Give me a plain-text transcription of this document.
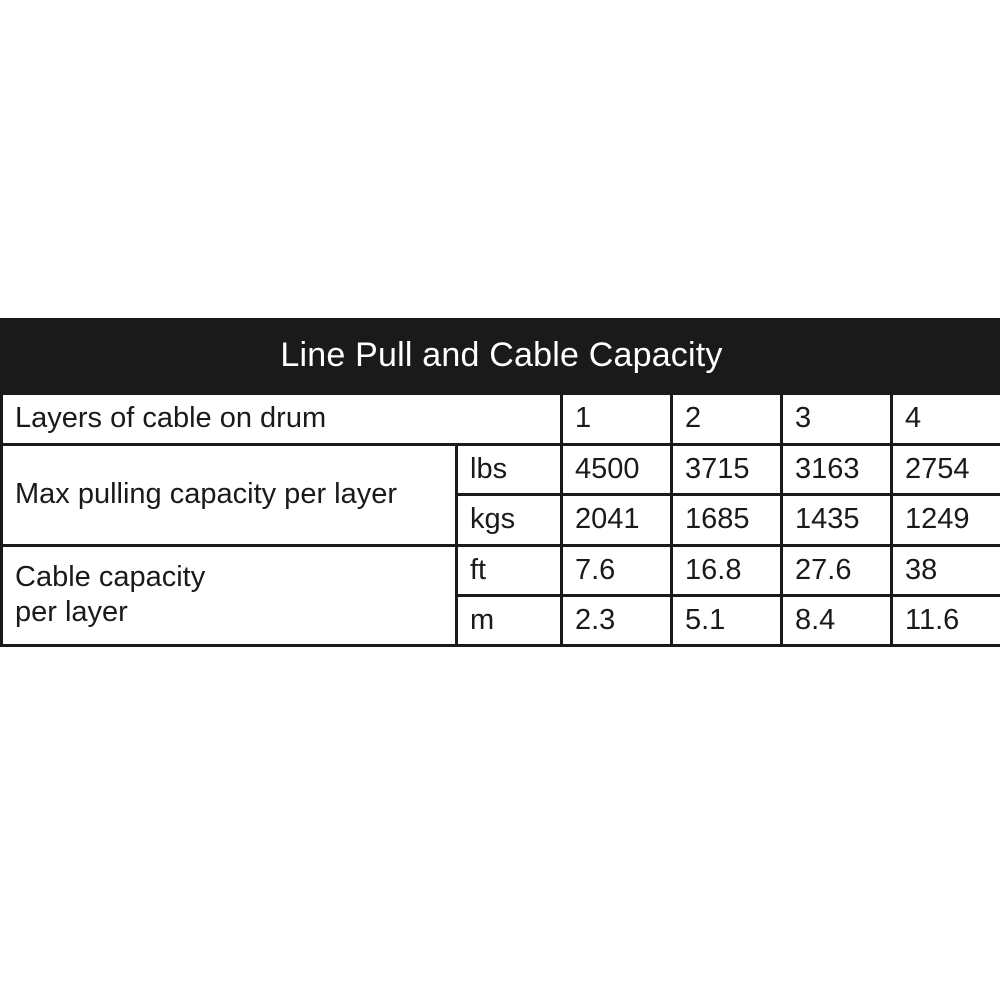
Line Pull and Cable Capacity					
Layers of cable on drum		1	2	3	4
Max pulling capacity per layer	lbs	4500	3715	3163	2754
	kgs	2041	1685	1435	1249
Cable capacity
per layer	ft	7.6	16.8	27.6	38
	m	2.3	5.1	8.4	11.6
